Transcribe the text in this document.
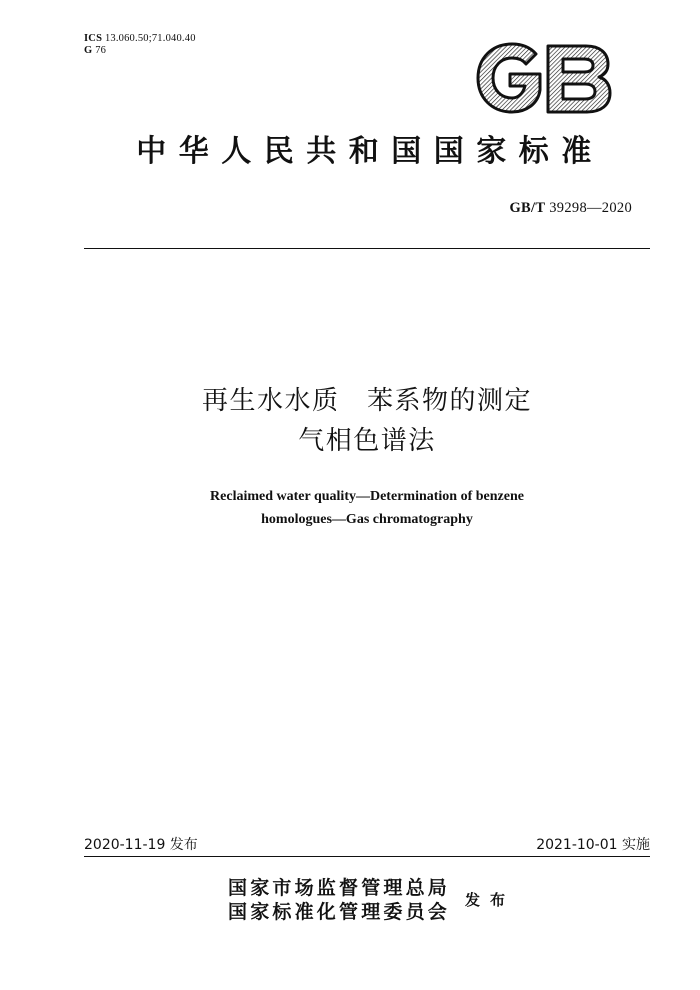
ICS 13.060.50;71.040.40
G 76
中华人民共和国国家标准
GB/T 39298—2020
再生水水质　苯系物的测定
气相色谱法
Reclaimed water quality—Determination of benzene
homologues—Gas chromatography
2020-11-19 发布	2021-10-01 实施
国家市场监督管理总局
国家标准化管理委员会
发布
